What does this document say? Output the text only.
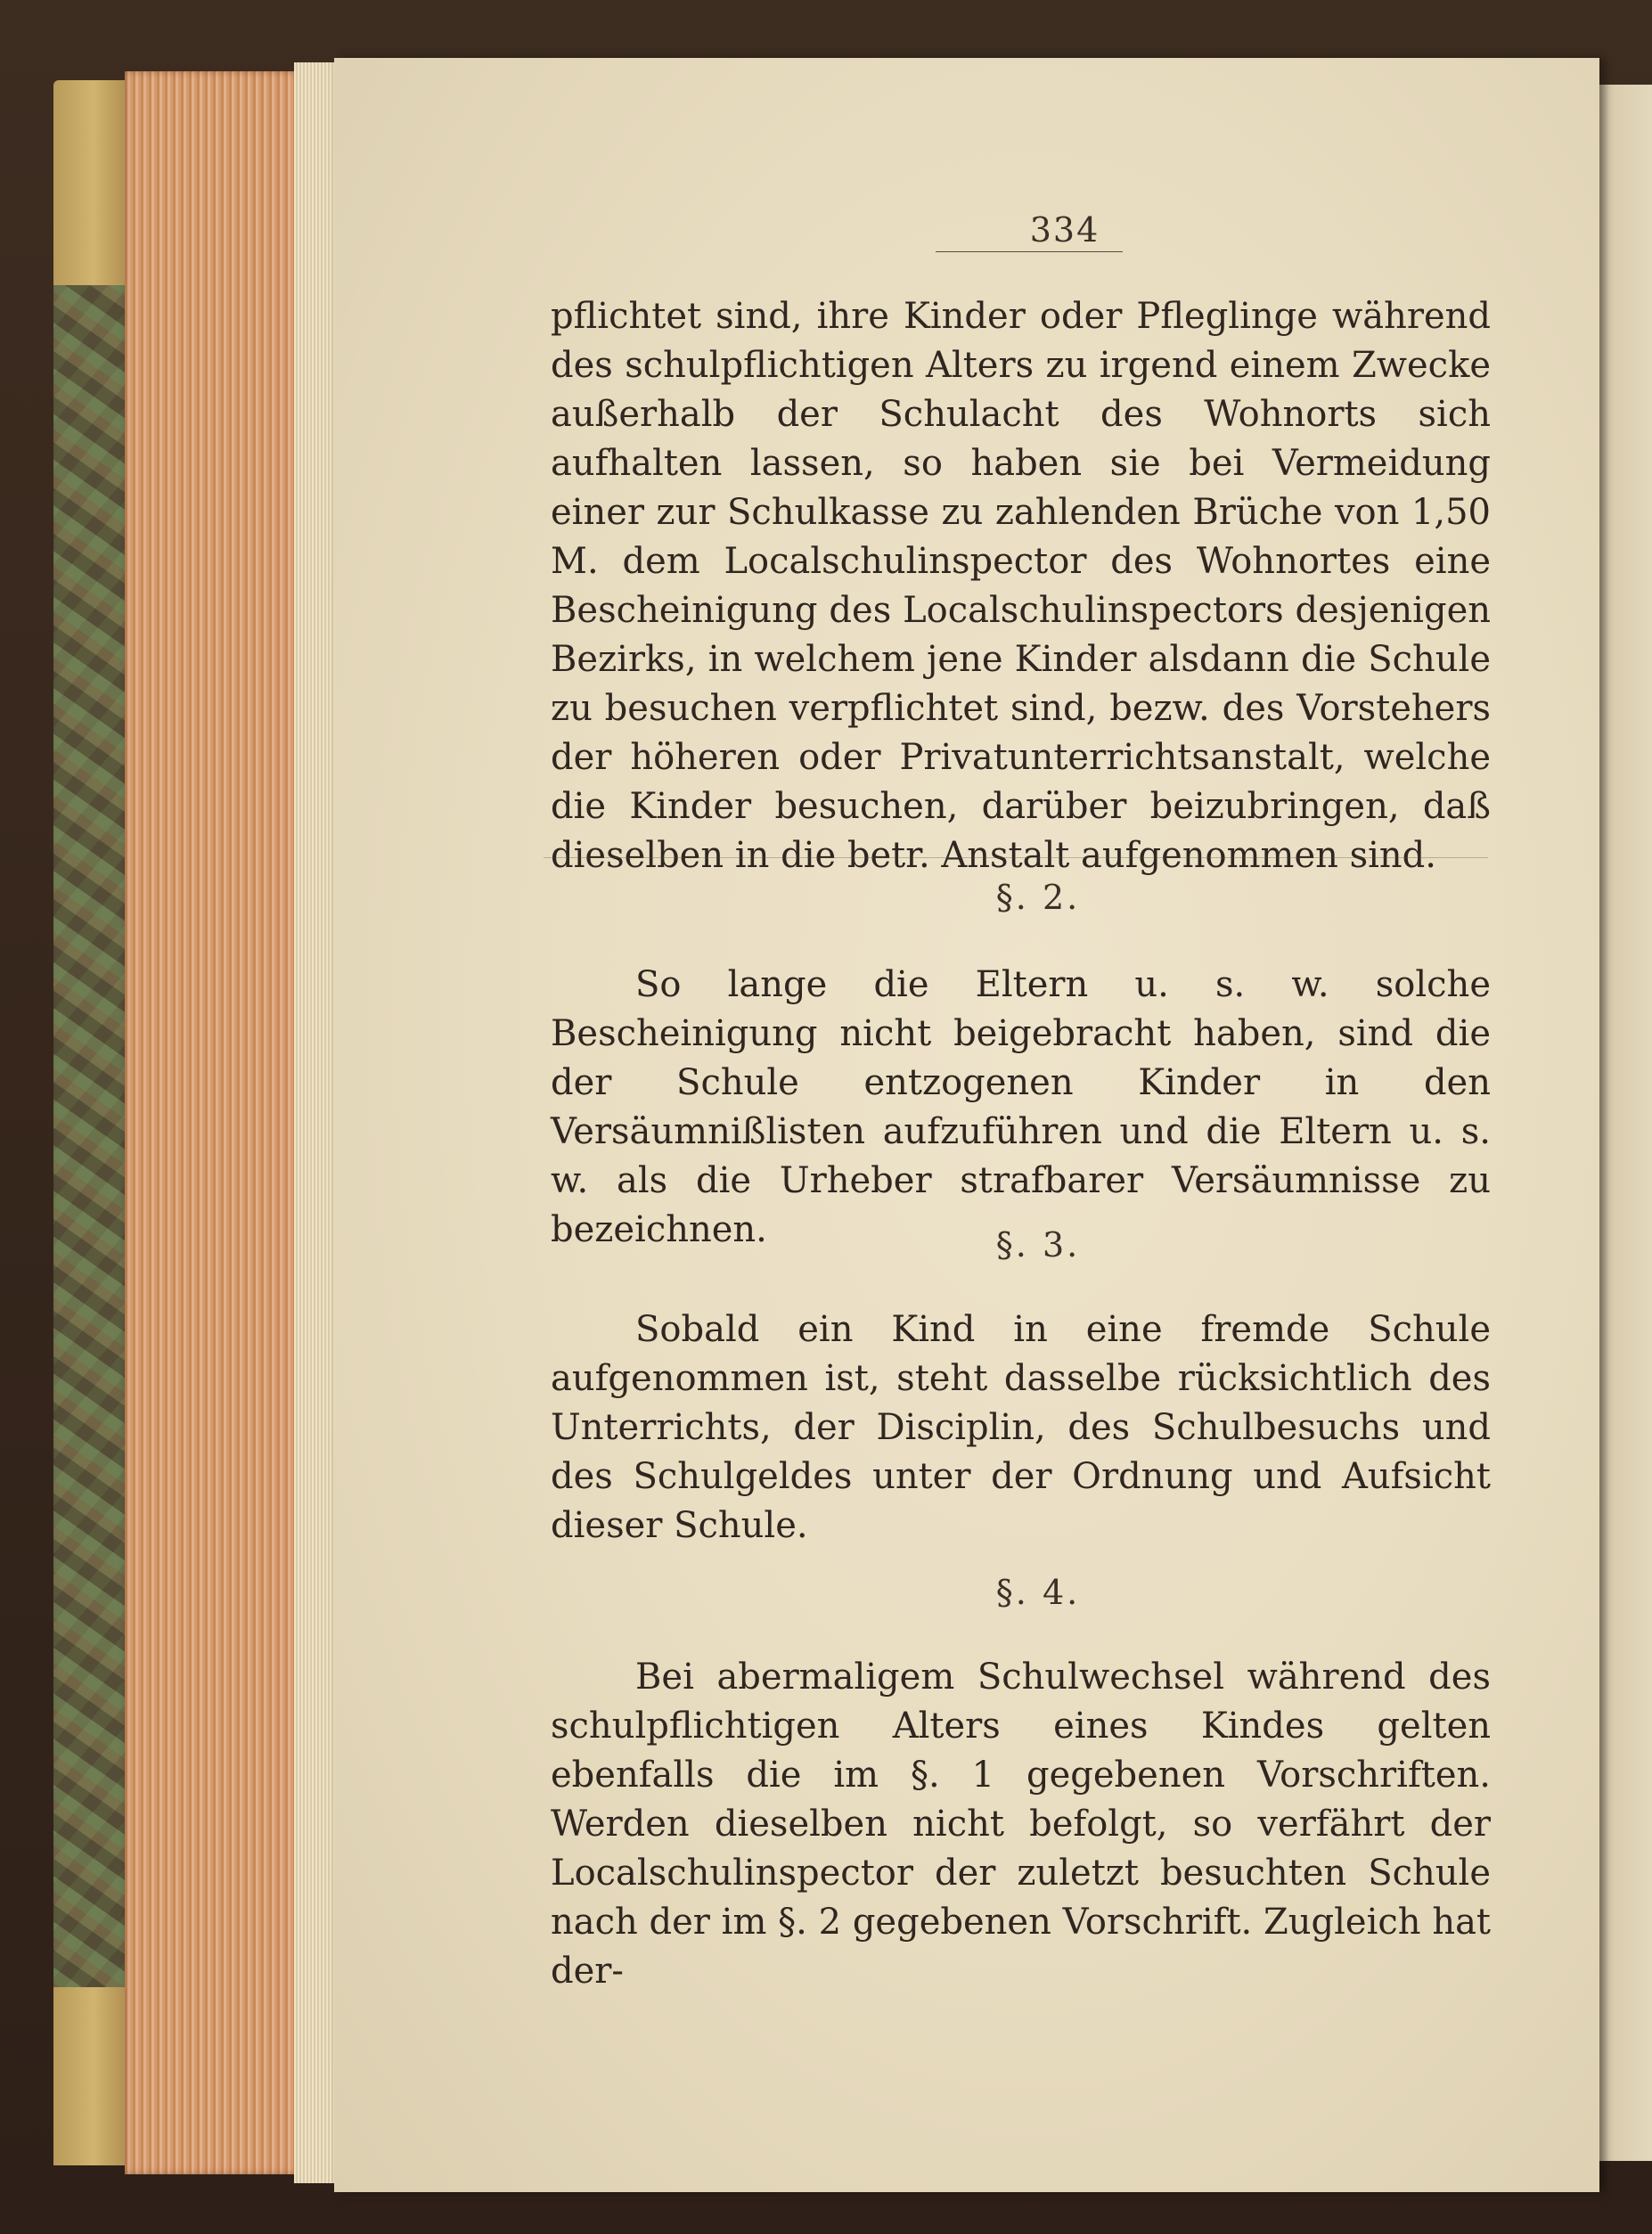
334

pflichtet sind, ihre Kinder oder Pfleglinge während des schulpflichtigen Alters zu irgend einem Zwecke außerhalb der Schulacht des Wohnorts sich aufhalten lassen, so haben sie bei Vermeidung einer zur Schulkasse zu zahlenden Brüche von 1,50 M. dem Localschulinspector des Wohnortes eine Bescheinigung des Localschulinspectors desjenigen Bezirks, in welchem jene Kinder alsdann die Schule zu besuchen verpflichtet sind, bezw. des Vorstehers der höheren oder Privatunterrichtsanstalt, welche die Kinder besuchen, darüber beizubringen, daß dieselben in die betr. Anstalt aufgenommen sind.

§. 2.

So lange die Eltern u. s. w. solche Bescheinigung nicht beigebracht haben, sind die der Schule entzogenen Kinder in den Versäumnißlisten aufzuführen und die Eltern u. s. w. als die Urheber strafbarer Versäumnisse zu bezeichnen.	§. 3.

Sobald ein Kind in eine fremde Schule aufgenommen ist, steht dasselbe rücksichtlich des Unterrichts, der Disciplin, des Schulbesuchs und des Schulgeldes unter der Ordnung und Aufsicht dieser Schule.

§. 4.

Bei abermaligem Schulwechsel während des schulpflichtigen Alters eines Kindes gelten ebenfalls die im §. 1 gegebenen Vorschriften. Werden dieselben nicht befolgt, so verfährt der Localschulinspector der zuletzt besuchten Schule nach der im §. 2 gegebenen Vorschrift. Zugleich hat der-
